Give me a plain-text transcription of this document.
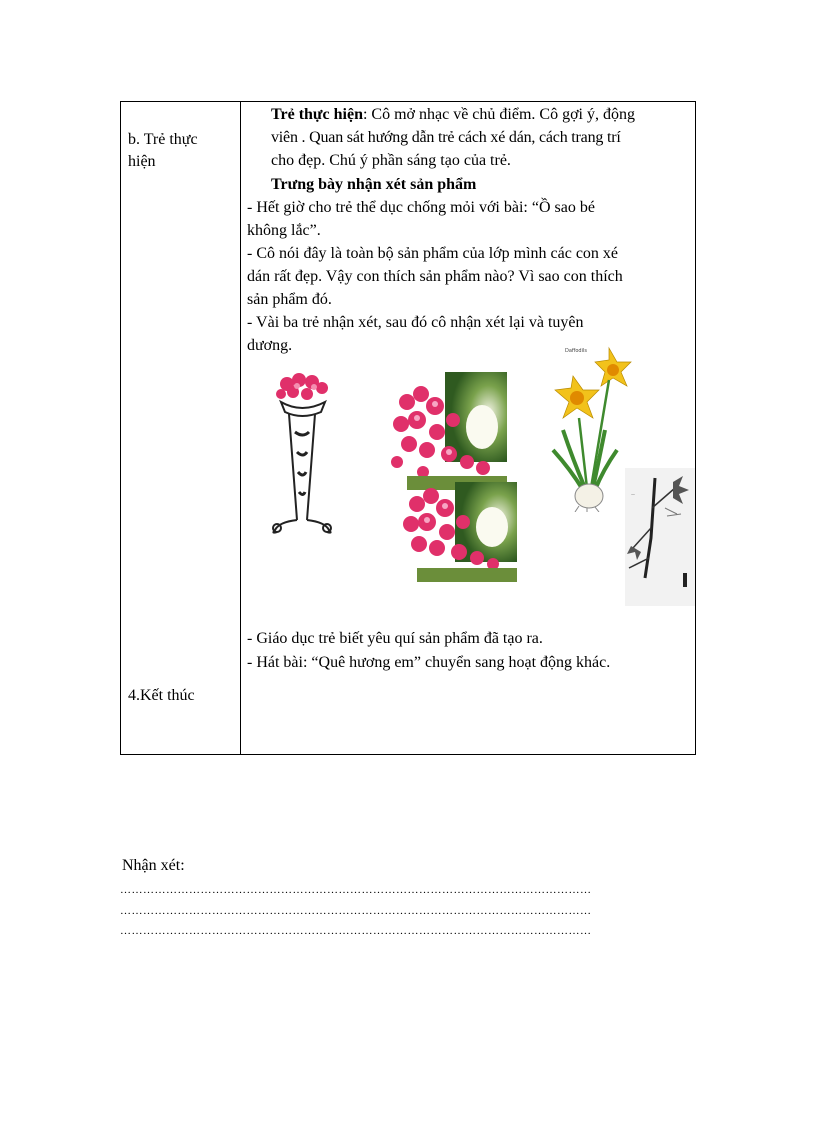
b. Trẻ thực
hiện
4.Kết thúc
Trẻ thực hiện: Cô mở nhạc về chủ điểm. Cô gợi ý, động
viên . Quan sát hướng dẫn trẻ cách xé dán, cách trang trí
cho đẹp. Chú ý phần sáng tạo của trẻ.
Trưng bày nhận xét sản phẩm
- Hết giờ cho trẻ thể dục chống mỏi với bài: “Ồ sao bé
không lắc”.
- Cô nói đây là toàn bộ sản phẩm của lớp mình các con xé
dán rất đẹp. Vậy con thích sản phẩm nào? Vì sao con thích
sản phẩm đó.
- Vài ba trẻ nhận xét, sau đó cô nhận xét lại và tuyên
dương.
- Giáo dục trẻ biết yêu quí sản phẩm đã tạo ra.
- Hát bài: “Quê hương em” chuyển sang hoạt động khác.
Daffodils
—
Nhận xét:
……………………………………………………………………………………………………………
……………………………………………………………………………………………………………
……………………………………………………………………………………………………………
